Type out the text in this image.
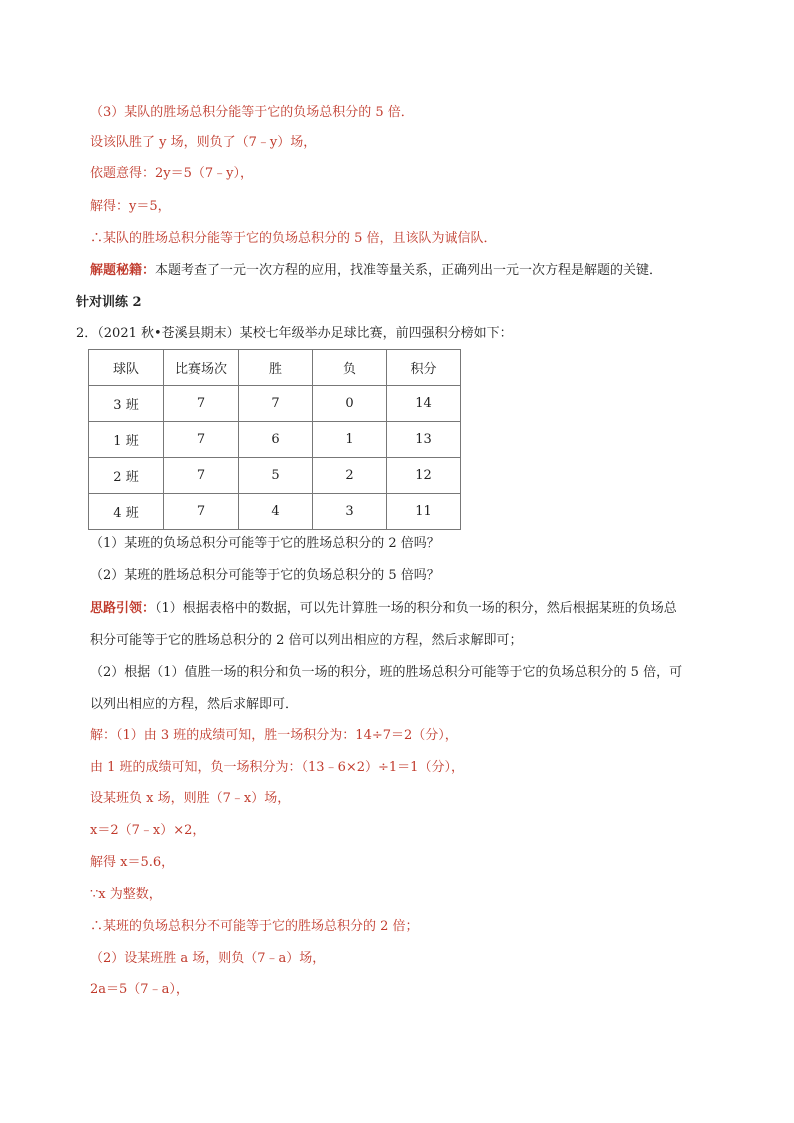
（3）某队的胜场总积分能等于它的负场总积分的 5 倍．
设该队胜了 y 场，则负了（7﹣y）场，
依题意得：2y＝5（7﹣y），
解得：y＝5，
∴某队的胜场总积分能等于它的负场总积分的 5 倍，且该队为诚信队．
解题秘籍：本题考查了一元一次方程的应用，找准等量关系，正确列出一元一次方程是解题的关键．
针对训练 2
2．（2021 秋•苍溪县期末）某校七年级举办足球比赛，前四强积分榜如下：
球队	比赛场次	胜	负	积分
3 班	7	7	0	14
1 班	7	6	1	13
2 班	7	5	2	12
4 班	7	4	3	11
（1）某班的负场总积分可能等于它的胜场总积分的 2 倍吗？
（2）某班的胜场总积分可能等于它的负场总积分的 5 倍吗？
思路引领：（1）根据表格中的数据，可以先计算胜一场的积分和负一场的积分，然后根据某班的负场总
积分可能等于它的胜场总积分的 2 倍可以列出相应的方程，然后求解即可；
（2）根据（1）值胜一场的积分和负一场的积分，班的胜场总积分可能等于它的负场总积分的 5 倍，可
以列出相应的方程，然后求解即可．
解：（1）由 3 班的成绩可知，胜一场积分为：14÷7＝2（分），
由 1 班的成绩可知，负一场积分为：（13﹣6×2）÷1＝1（分），
设某班负 x 场，则胜（7﹣x）场，
x＝2（7﹣x）×2，
解得 x＝5.6，
∵x 为整数，
∴某班的负场总积分不可能等于它的胜场总积分的 2 倍；
（2）设某班胜 a 场，则负（7﹣a）场，
2a＝5（7﹣a），
